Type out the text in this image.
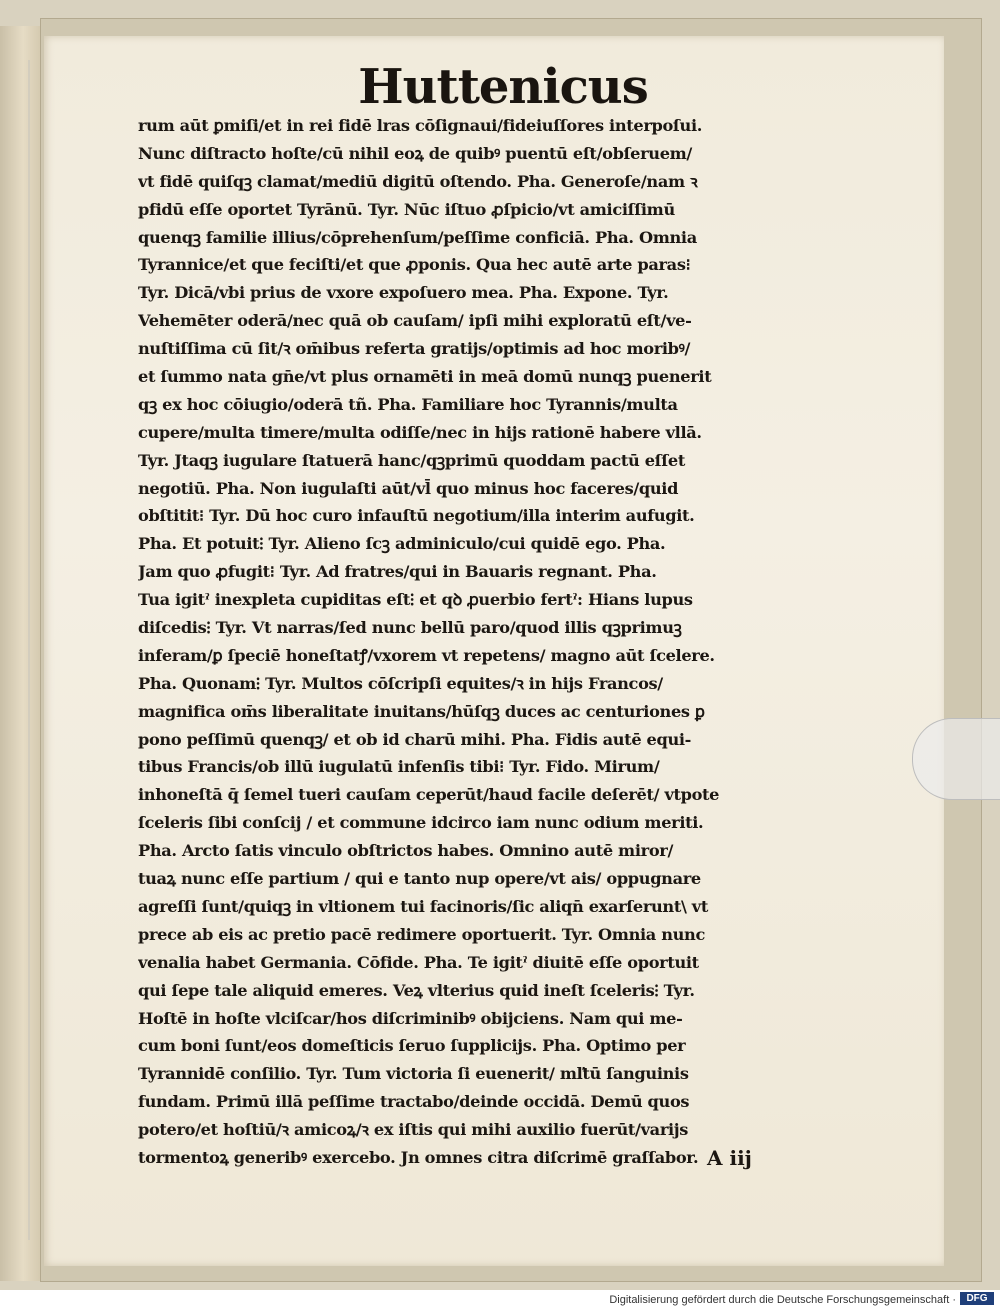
Huttenicus
rum aūt ꝑmiſi/et in rei fidē lras cōſignaui/fideiuſſores interpoſui.
Nunc diſtracto hoſte/cū nihil eoꝝ de quibꝰ puentū eſt/obſeruem/
vt fidē quiſqꝫ clamat/mediū digitū oſtendo. Pha. Generoſe/nam ꝛ
pfidū eſſe oportet Tyrānū. Tyr. Nūc iſtuo ꝓſpicio/vt amiciſſimū
quenqꝫ familie illius/cōprehenſum/peſſime conficiā. Pha. Omnia
Tyrannice/et que feciſti/et que ꝓponis. Qua hec autē arte paras⁝
Tyr. Dicā/vbi prius de vxore expoſuero mea. Pha. Expone. Tyr.
Vehemēter oderā/nec quā ob cauſam/ ipſi mihi exploratū eſt/ve-
nuſtiſſima cū ſit/ꝛ om̄ibus referta gratijs/optimis ad hoc moribꝰ/
et ſummo nata gn̄e/vt plus ornamēti in meā domū nunqꝫ puenerit
qꝫ ex hoc cōiugio/oderā tñ. Pha. Familiare hoc Tyrannis/multa
cupere/multa timere/multa odiſſe/nec in hijs rationē habere vllā.
Tyr. Jtaqꝫ iugulare ſtatuerā hanc/qꝫprimū quoddam pactū eſſet
negotiū. Pha. Non iugulaſti aūt/vl̄ quo minus hoc faceres/quid
obſtitit⁝ Tyr. Dū hoc curo infauſtū negotium/illa interim aufugit.
Pha. Et potuit⁝ Tyr. Alieno ſcꝫ adminiculo/cui quidē ego. Pha.
Jam quo ꝓfugit⁝ Tyr. Ad fratres/qui in Bauaris regnant. Pha.
Tua igitˀ inexpleta cupiditas eſt⁝ et qꝺ ꝓuerbio fertˀ: Hians lupus
diſcedis⁝ Tyr. Vt narras/ſed nunc bellū paro/quod illis qꝫprimuꝫ
inferam/ꝑ ſpeciē honeſtatꝭ/vxorem vt repetens/ magno aūt ſcelere.
Pha. Quonam⁝ Tyr. Multos cōſcripſi equites/ꝛ in hijs Francos/
magnifica om̄s liberalitate inuitans/hūſqꝫ duces ac centuriones ꝑ
pono peſſimū quenqꝫ/ et ob id charū mihi. Pha. Fidis autē equi-
tibus Francis/ob illū iugulatū infenſis tibi⁝ Tyr. Fido. Mirum/
inhoneſtā q̄ ſemel tueri cauſam ceperūt/haud facile deſerēt/ vtpote
ſceleris ſibi conſcij / et commune idcirco iam nunc odium meriti.
Pha. Arcto ſatis vinculo obſtrictos habes. Omnino autē miror/
tuaꝝ nunc eſſe partium / qui e tanto nup opere/vt ais/ oppugnare
agreſſi ſunt/quiqꝫ in vltionem tui facinoris/ſic aliqn̄ exarſerunt\ vt
prece ab eis ac pretio pacē redimere oportuerit. Tyr. Omnia nunc
venalia habet Germania. Cōfide. Pha. Te igitˀ diuitē eſſe oportuit
qui ſepe tale aliquid emeres. Veꝝ vlterius quid ineſt ſceleris⁝ Tyr.
Hoſtē in hoſte vlciſcar/hos diſcriminibꝰ obijciens. Nam qui me-
cum boni ſunt/eos domeſticis ſeruo ſupplicijs. Pha. Optimo per
Tyrannidē conſilio. Tyr. Tum victoria ſi euenerit/ mľtū ſanguinis
fundam. Primū illā peſſime tractabo/deinde occidā. Demū quos
potero/et hoſtiū/ꝛ amicoꝝ/ꝛ ex iſtis qui mihi auxilio fuerūt/varijs
tormentoꝝ generibꝰ exercebo. Jn omnes citra diſcrimē graſſabor. A iij
Digitalisierung gefördert durch die Deutsche Forschungsgemeinschaft ·	DFG
